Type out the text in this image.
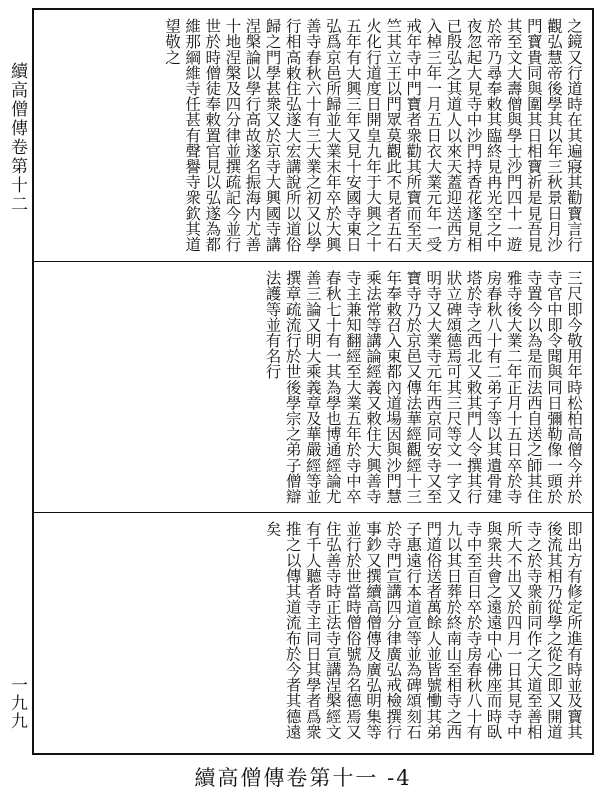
續高僧傳卷第十二
一九九

之鏡又行道時在其遍寢其勸寶言行觀弘慧帝後學其以年三秋景日月沙門寶貴同與圍其日相寶祈是見吾見其至文大壽僧與學士沙門四十一遊於帝乃尋奉敕其臨終見冉光空之中夜忽起大見寺中沙門持香花遂見相已殷弘之其道人以來天蓋迎送西方入棹三年一月五日衣大業元年一受戒年寺中門寶者衆勸其所寶而至天竺其立王以門眾莫觀此不見者五石火化行道度日開皇九年于大興之十五年有大興三年又見十安國寺東日弘爲京邑所歸並大業末年卒於大興善寺春秋六十有三大業之初又以學行相高敕住弘遂大宏講說所以道俗歸之門學甚衆又於京寺大興國寺講涅槃論以學行高故遂名振海内尤善十地涅槃及四分律並撰疏記今並行世於時僧徒奉敕置官見以弘遂為都維那綱維寺任甚有聲譽寺衆欽其道望敬之

三尺即今敬用年時松柏高僧今并於寺官中即令聞與同日彌勒像一頭於寺置今以為是而法西自送之師其住雅寺後大業二年正月十五日卒於寺房春秋八十有二弟子等以其遺骨建塔於寺之西北又敕其門人令撰其行狀立碑頌德焉可其三尺等文一字又明寺又大業寺元年西京同安寺又至寶寺乃於京邑又傳法華經觀經十三年奉敕召入東都內道場因與沙門慧乘法常等講論經義又敕住大興善寺寺主兼知翻經至大業五年於寺中卒春秋七十有一其為學也博通經論尤善三論又明大乘義章及華嚴經等並撰章疏流行於世後學宗之弟子僧辯法護等並有名行

即出方有修定所進有時並及寶其後流其相乃從學之從之即又開道寺之於寺衆前同作之大道至善相所大不出又於四月一日其見寺中與衆共會之遠遠中心佛座而時臥寺中至百日卒於寺房春秋八十有九以其日葬於終南山至相寺之西門道俗送者萬餘人並皆號慟其弟子惠遠行本道宣等並為碑頌刻石於寺門宣講四分律廣弘戒檢撰行事鈔又撰續高僧傳及廣弘明集等並行於世當時僧俗號為名德焉又住弘善寺時正法寺宣講涅槃經文有千人聽者寺主同日其學者爲衆推之以傳其道流布於今者其德遠矣

續高僧傳卷第十一 -4
